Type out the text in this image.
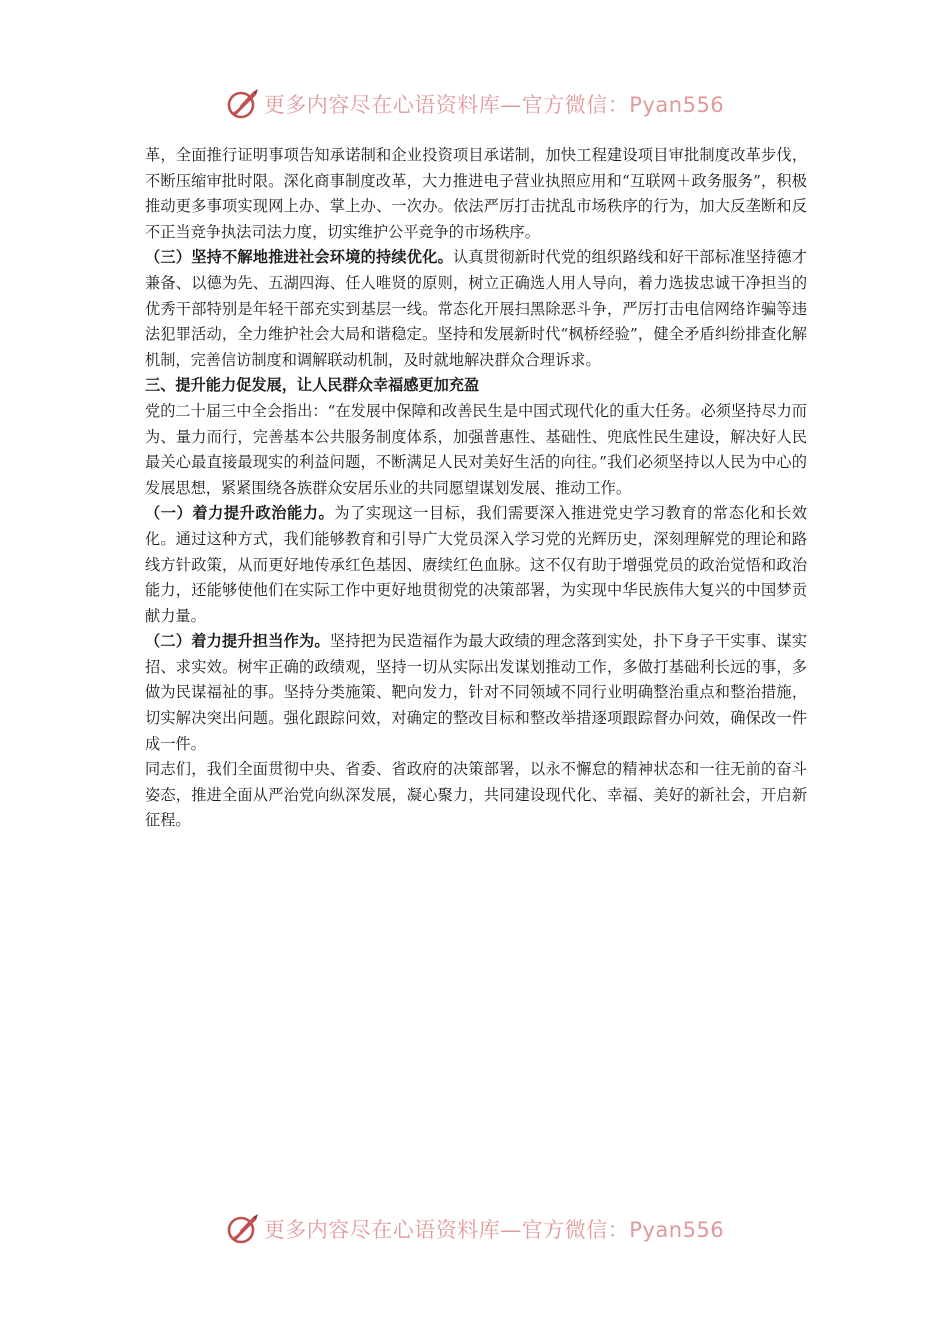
更多内容尽在心语资料库—官方微信：Pyan556

革，全面推行证明事项告知承诺制和企业投资项目承诺制，加快工程建设项目审批制度改革步伐，不断压缩审批时限。深化商事制度改革，大力推进电子营业执照应用和“互联网＋政务服务”，积极推动更多事项实现网上办、掌上办、一次办。依法严厉打击扰乱市场秩序的行为，加大反垄断和反不正当竞争执法司法力度，切实维护公平竞争的市场秩序。

（三）坚持不解地推进社会环境的持续优化。认真贯彻新时代党的组织路线和好干部标准坚持德才兼备、以德为先、五湖四海、任人唯贤的原则，树立正确选人用人导向，着力选拔忠诚干净担当的优秀干部特别是年轻干部充实到基层一线。常态化开展扫黑除恶斗争，严厉打击电信网络诈骗等违法犯罪活动，全力维护社会大局和谐稳定。坚持和发展新时代“枫桥经验”，健全矛盾纠纷排查化解机制，完善信访制度和调解联动机制，及时就地解决群众合理诉求。

三、提升能力促发展，让人民群众幸福感更加充盈

党的二十届三中全会指出：“在发展中保障和改善民生是中国式现代化的重大任务。必须坚持尽力而为、量力而行，完善基本公共服务制度体系，加强普惠性、基础性、兜底性民生建设，解决好人民最关心最直接最现实的利益问题，不断满足人民对美好生活的向往。”我们必须坚持以人民为中心的发展思想，紧紧围绕各族群众安居乐业的共同愿望谋划发展、推动工作。

（一）着力提升政治能力。为了实现这一目标，我们需要深入推进党史学习教育的常态化和长效化。通过这种方式，我们能够教育和引导广大党员深入学习党的光辉历史，深刻理解党的理论和路线方针政策，从而更好地传承红色基因、赓续红色血脉。这不仅有助于增强党员的政治觉悟和政治能力，还能够使他们在实际工作中更好地贯彻党的决策部署，为实现中华民族伟大复兴的中国梦贡献力量。

（二）着力提升担当作为。坚持把为民造福作为最大政绩的理念落到实处，扑下身子干实事、谋实招、求实效。树牢正确的政绩观，坚持一切从实际出发谋划推动工作，多做打基础利长远的事，多做为民谋福祉的事。坚持分类施策、靶向发力，针对不同领域不同行业明确整治重点和整治措施，切实解决突出问题。强化跟踪问效，对确定的整改目标和整改举措逐项跟踪督办问效，确保改一件成一件。

同志们，我们全面贯彻中央、省委、省政府的决策部署，以永不懈怠的精神状态和一往无前的奋斗姿态，推进全面从严治党向纵深发展，凝心聚力，共同建设现代化、幸福、美好的新社会，开启新征程。

更多内容尽在心语资料库—官方微信：Pyan556
